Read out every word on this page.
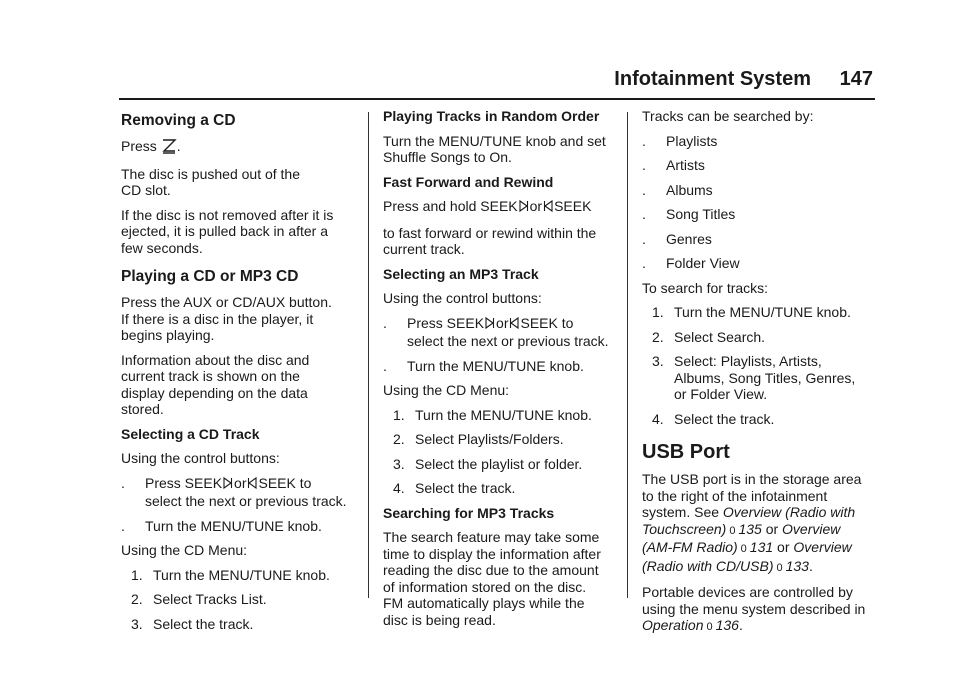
Infotainment System 147
Removing a CD

Press .

The disc is pushed out of the
CD slot.

If the disc is not removed after it is
ejected, it is pulled back in after a
few seconds.

Playing a CD or MP3 CD

Press the AUX or CD/AUX button.
If there is a disc in the player, it
begins playing.

Information about the disc and
current track is shown on the
display depending on the data
stored.

Selecting a CD Track

Using the control buttons:

. Press SEEK or SEEK to
select the next or previous track.
. Turn the MENU/TUNE knob.

Using the CD Menu:

1. Turn the MENU/TUNE knob.
2. Select Tracks List.
3. Select the track.

Playing Tracks in Random Order

Turn the MENU/TUNE knob and set
Shuffle Songs to On.

Fast Forward and Rewind

Press and hold SEEK or SEEK

to fast forward or rewind within the
current track.

Selecting an MP3 Track

Using the control buttons:

. Press SEEK or SEEK to
select the next or previous track.
. Turn the MENU/TUNE knob.

Using the CD Menu:

1. Turn the MENU/TUNE knob.
2. Select Playlists/Folders.
3. Select the playlist or folder.
4. Select the track.

Searching for MP3 Tracks

The search feature may take some
time to display the information after
reading the disc due to the amount
of information stored on the disc.
FM automatically plays while the
disc is being read.

Tracks can be searched by:

. Playlists
. Artists
. Albums
. Song Titles
. Genres
. Folder View

To search for tracks:

1. Turn the MENU/TUNE knob.
2. Select Search.
3. Select: Playlists, Artists,
Albums, Song Titles, Genres,
or Folder View.
4. Select the track.
USB Port

The USB port is in the storage area
to the right of the infotainment
system. See Overview (Radio with
Touchscreen) 0 135 or Overview
(AM-FM Radio) 0 131 or Overview
(Radio with CD/USB) 0 133.

Portable devices are controlled by
using the menu system described in
Operation 0 136.
